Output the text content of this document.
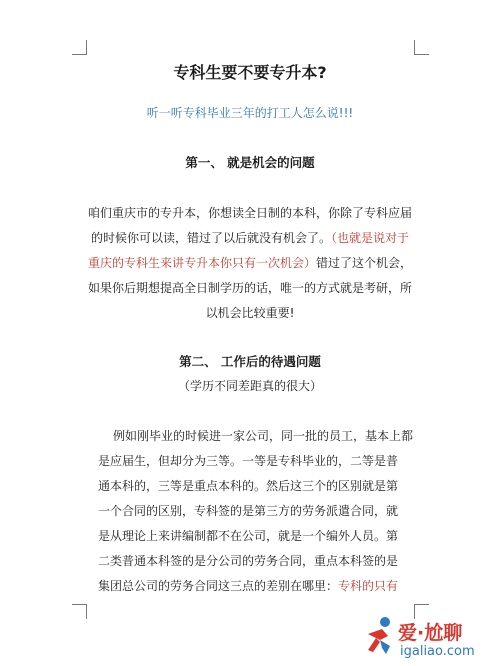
专科生要不要专升本?
听一听专科毕业三年的打工人怎么说!!!
第一、 就是机会的问题
咱们重庆市的专升本，你想读全日制的本科，你除了专科应届
的时候你可以读，错过了以后就没有机会了。（也就是说对于
重庆的专科生来讲专升本你只有一次机会）错过了这个机会，
如果你后期想提高全日制学历的话，唯一的方式就是考研，所
以机会比较重要!
第二、 工作后的待遇问题
（学历不同差距真的很大）
例如刚毕业的时候进一家公司，同一批的员工，基本上都
是应届生，但却分为三等。一等是专科毕业的，二等是普
通本科的，三等是重点本科的。然后这三个的区别就是第
一个合同的区别，专科签的是第三方的劳务派遣合同，就
是从理论上来讲编制都不在公司，就是一个编外人员。第
二类普通本科签的是分公司的劳务合同，重点本科签的是
集团总公司的劳务合同这三点的差别在哪里：专科的只有
爱·尬聊
igaliao.com
